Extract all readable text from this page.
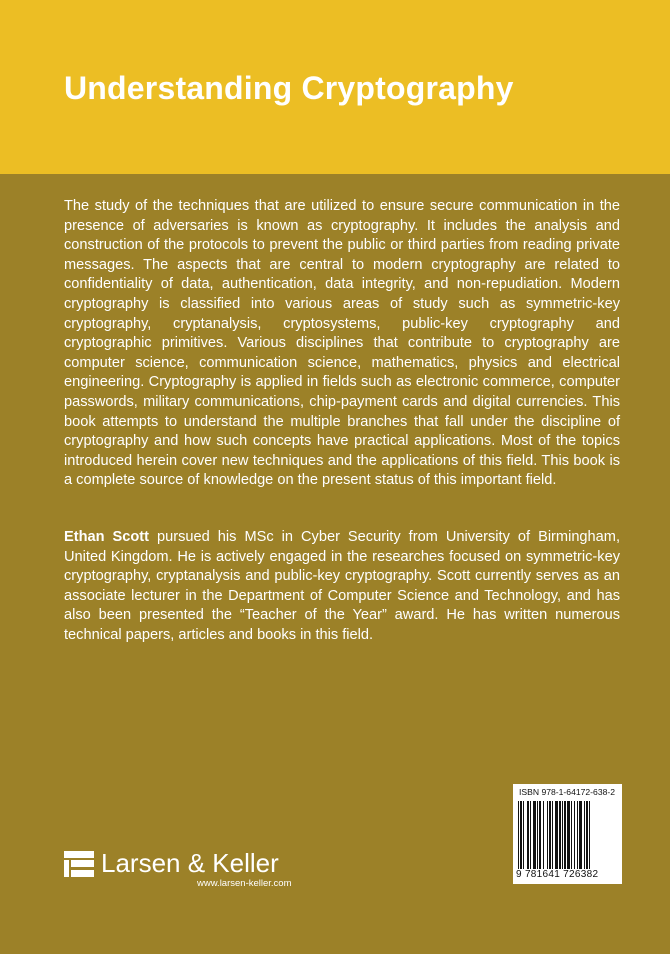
Understanding Cryptography

The study of the techniques that are utilized to ensure secure communication in the presence of adversaries is known as cryptography. It includes the analysis and construction of the protocols to prevent the public or third parties from reading private messages. The aspects that are central to modern cryptography are related to confidentiality of data, authentication, data integrity, and non-repudiation. Modern cryptography is classified into various areas of study such as symmetric-key cryptography, cryptanalysis, cryptosystems, public-key cryptography and cryptographic primitives. Various disciplines that contribute to cryptography are computer science, communication science, mathematics, physics and electrical engineering. Cryptography is applied in fields such as electronic commerce, computer passwords, military communications, chip-payment cards and digital currencies. This book attempts to understand the multiple branches that fall under the discipline of cryptography and how such concepts have practical applications. Most of the topics introduced herein cover new techniques and the applications of this field. This book is a complete source of knowledge on the present status of this important field.

Ethan Scott pursued his MSc in Cyber Security from University of Birmingham, United Kingdom. He is actively engaged in the researches focused on symmetric-key cryptography, cryptanalysis and public-key cryptography. Scott currently serves as an associate lecturer in the Department of Computer Science and Technology, and has also been presented the “Teacher of the Year” award. He has written numerous technical papers, articles and books in this field.

Larsen & Keller
www.larsen-keller.com
ISBN 978-1-64172-638-2
9 781641 726382
